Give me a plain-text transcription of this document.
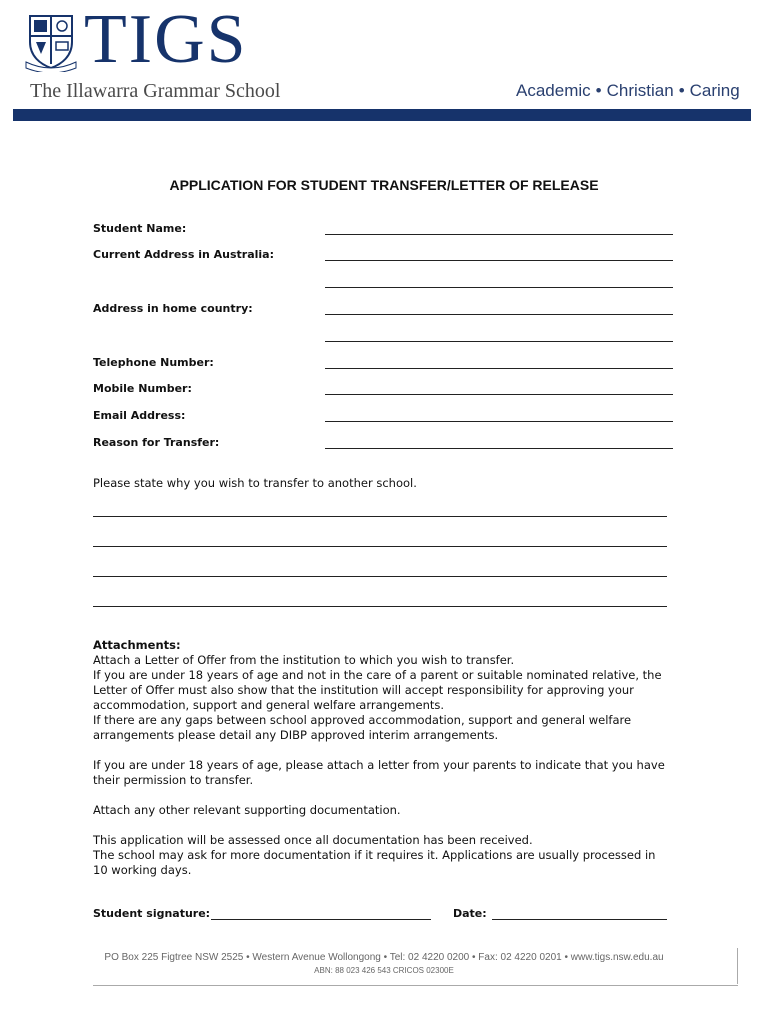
TIGS
The Illawarra Grammar School	Academic • Christian • Caring
APPLICATION FOR STUDENT TRANSFER/LETTER OF RELEASE
Student Name:
Current Address in Australia:
Address in home country:
Telephone Number:
Mobile Number:
Email Address:
Reason for Transfer:
Please state why you wish to transfer to another school.

Attachments:

Attach a Letter of Offer from the institution to which you wish to transfer.

If you are under 18 years of age and not in the care of a parent or suitable nominated relative, the Letter of Offer must also show that the institution will accept responsibility for approving your accommodation, support and general welfare arrangements.

If there are any gaps between school approved accommodation, support and general welfare arrangements please detail any DIBP approved interim arrangements.

If you are under 18 years of age, please attach a letter from your parents to indicate that you have their permission to transfer.

Attach any other relevant supporting documentation.

This application will be assessed once all documentation has been received.

The school may ask for more documentation if it requires it. Applications are usually processed in 10 working days.

Student signature:	Date:
PO Box 225 Figtree NSW 2525 • Western Avenue Wollongong • Tel: 02 4220 0200 • Fax: 02 4220 0201 • www.tigs.nsw.edu.au
ABN: 88 023 426 543 CRICOS 02300E
